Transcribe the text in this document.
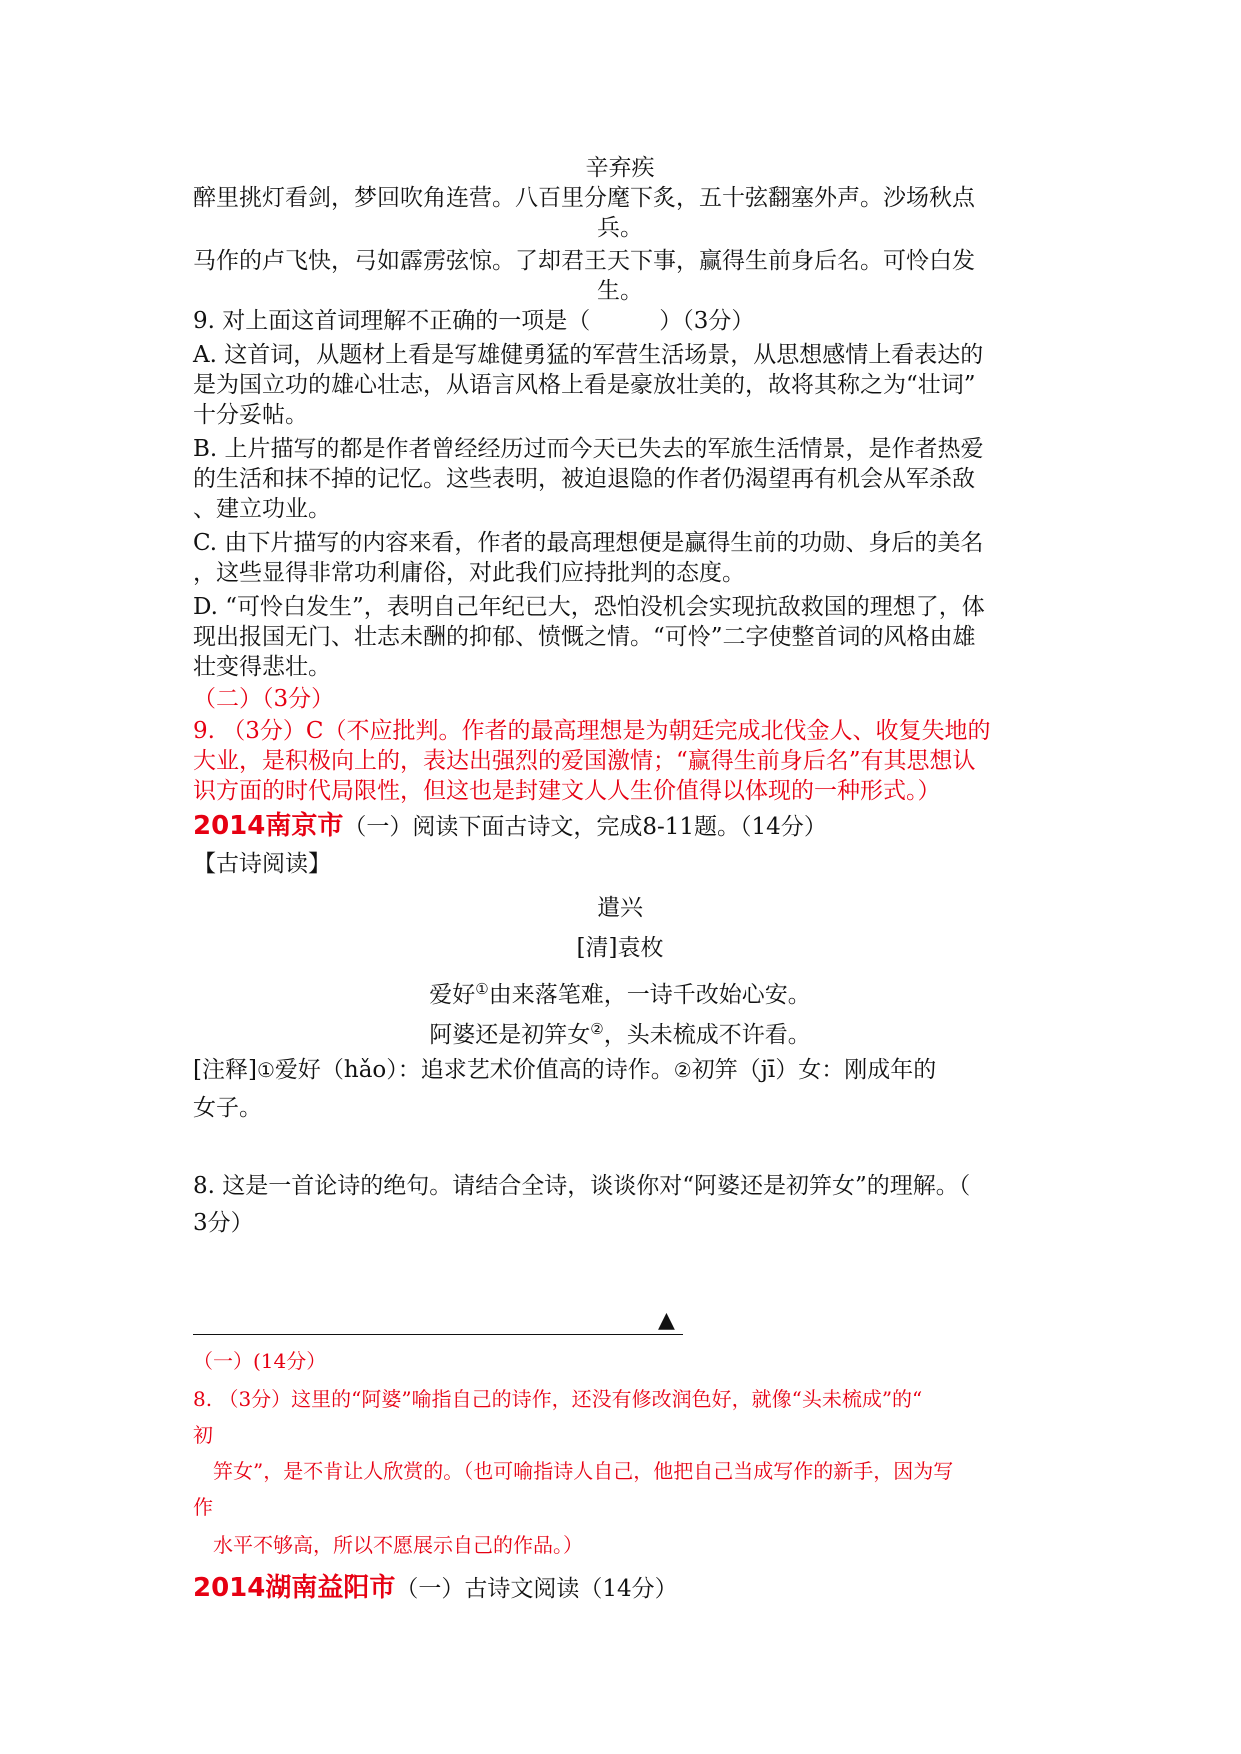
辛弃疾
醉里挑灯看剑，梦回吹角连营。八百里分麾下炙，五十弦翻塞外声。沙场秋点
兵。
马作的卢飞快，弓如霹雳弦惊。了却君王天下事，赢得生前身后名。可怜白发
生。
9. 对上面这首词理解不正确的一项是（　　　）（3分）
A. 这首词，从题材上看是写雄健勇猛的军营生活场景，从思想感情上看表达的
是为国立功的雄心壮志，从语言风格上看是豪放壮美的，故将其称之为“壮词”
十分妥帖。
B. 上片描写的都是作者曾经经历过而今天已失去的军旅生活情景，是作者热爱
的生活和抹不掉的记忆。这些表明，被迫退隐的作者仍渴望再有机会从军杀敌
、建立功业。
C. 由下片描写的内容来看，作者的最高理想便是赢得生前的功勋、身后的美名
，这些显得非常功利庸俗，对此我们应持批判的态度。
D. “可怜白发生”，表明自己年纪已大，恐怕没机会实现抗敌救国的理想了，体
现出报国无门、壮志未酬的抑郁、愤慨之情。“可怜”二字使整首词的风格由雄
壮变得悲壮。
（二）（3分）
9. （3分）C（不应批判。作者的最高理想是为朝廷完成北伐金人、收复失地的
大业，是积极向上的，表达出强烈的爱国激情；“赢得生前身后名”有其思想认
识方面的时代局限性，但这也是封建文人人生价值得以体现的一种形式。）
2014南京市（一）阅读下面古诗文，完成8-11题。（14分）
【古诗阅读】
遣兴
[清]袁枚
爱好①由来落笔难，一诗千改始心安。
阿婆还是初笄女②，头未梳成不许看。
[注释]①爱好（hǎo）：追求艺术价值高的诗作。②初笄（jī）女：刚成年的
女子。
8. 这是一首论诗的绝句。请结合全诗，谈谈你对“阿婆还是初笄女”的理解。（
3分）
▲
（一）(14分）
8. （3分）这里的“阿婆”喻指自己的诗作，还没有修改润色好，就像“头未梳成”的“
初
笄女”，是不肯让人欣赏的。（也可喻指诗人自己，他把自己当成写作的新手，因为写
作
水平不够高，所以不愿展示自己的作品。）
2014湖南益阳市（一）古诗文阅读（14分）
